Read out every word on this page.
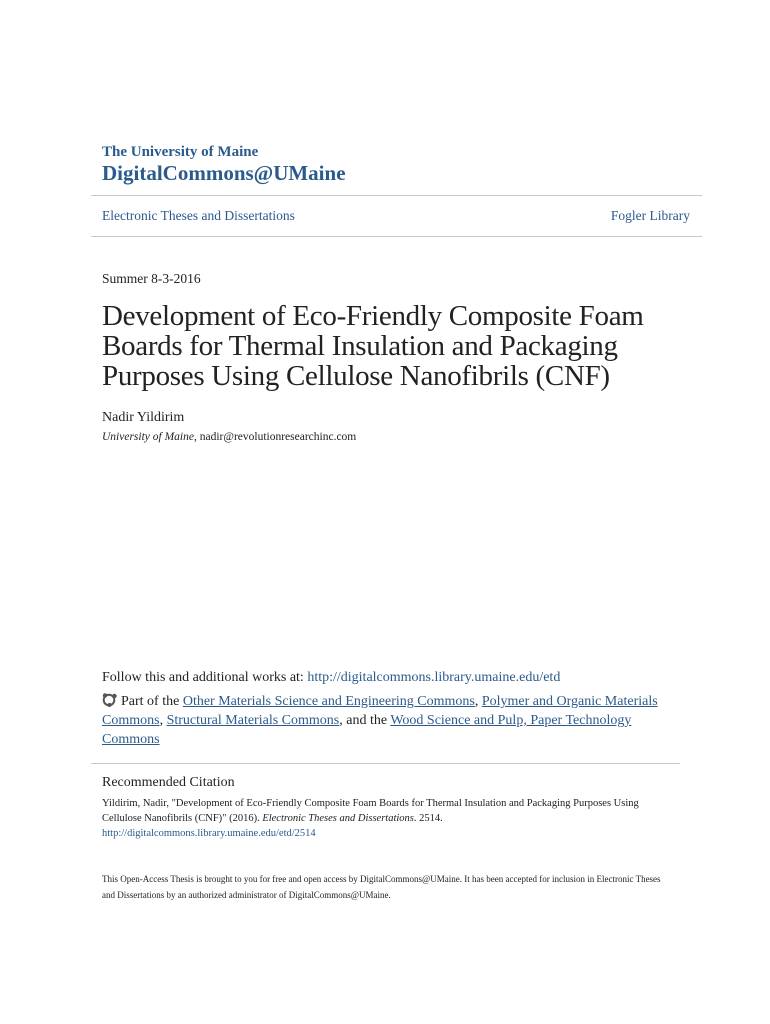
The University of Maine
DigitalCommons@UMaine
Electronic Theses and Dissertations	Fogler Library
Summer 8-3-2016
Development of Eco-Friendly Composite Foam
Boards for Thermal Insulation and Packaging
Purposes Using Cellulose Nanofibrils (CNF)
Nadir Yildirim
University of Maine, nadir@revolutionresearchinc.com
Follow this and additional works at: http://digitalcommons.library.umaine.edu/etd
Part of the Other Materials Science and Engineering Commons, Polymer and Organic Materials Commons, Structural Materials Commons, and the Wood Science and Pulp, Paper Technology Commons
Recommended Citation
Yildirim, Nadir, "Development of Eco-Friendly Composite Foam Boards for Thermal Insulation and Packaging Purposes Using Cellulose Nanofibrils (CNF)" (2016). Electronic Theses and Dissertations. 2514.
http://digitalcommons.library.umaine.edu/etd/2514
This Open-Access Thesis is brought to you for free and open access by DigitalCommons@UMaine. It has been accepted for inclusion in Electronic Theses and Dissertations by an authorized administrator of DigitalCommons@UMaine.
